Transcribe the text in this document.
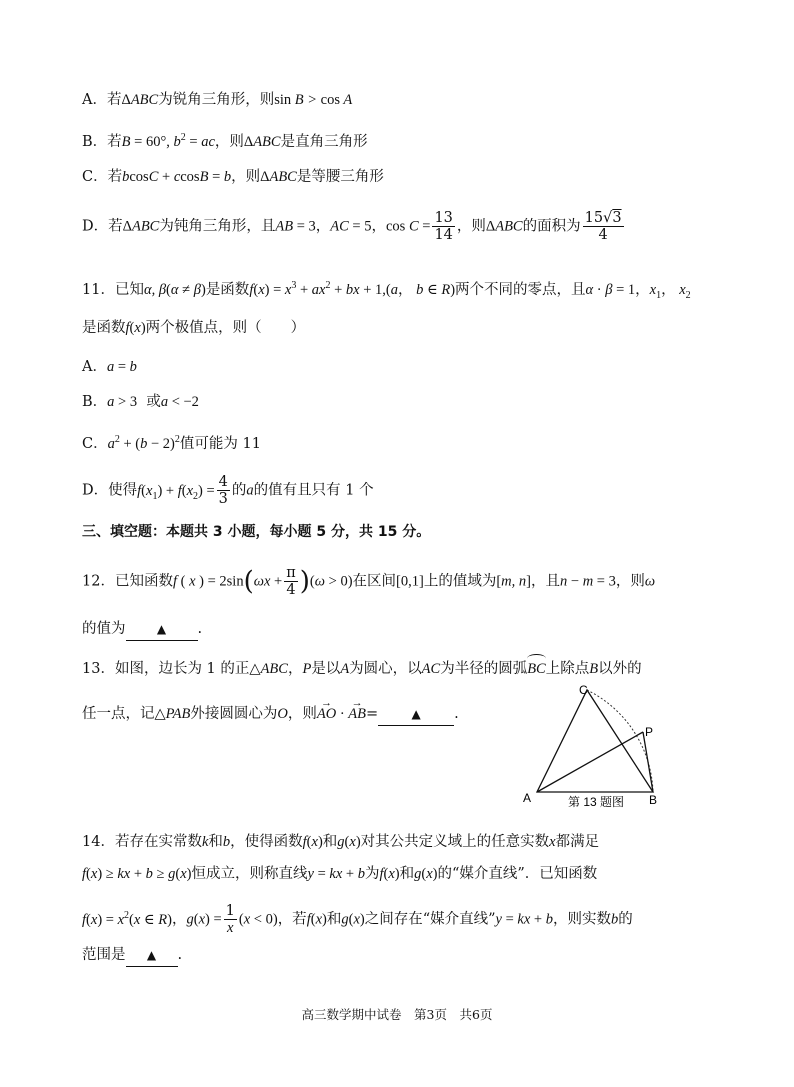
A．若ΔABC为锐角三角形，则sin B > cos A
B．若B = 60°, $b^2$ = ac，则ΔABC是直角三角形
C．若bcosC + ccosB = b，则ΔABC是等腰三角形
D．若ΔABC为钝角三角形，且AB = 3，AC = 5，$\cos C = \frac{13}{14}$ ，则ΔABC的面积为 $\frac{15√3}{4}$
11．已知α, β(α ≠ β)是函数$f(x) = x^3 + ax^2$ + bx + 1,(a， b ∈ R)两个不同的零点，且α · β = 1，$x_1$， $x_2$
是函数f(x)两个极值点，则（　　）
A．a = b
B．a > 3 或a < −2
C．$a^2 + (b - 2)^2$值可能为 11
D．使得$f(x_1) + f(x_2) = \frac{4}{3}$ 的a的值有且只有 1 个
三、填空题：本题共 3 小题，每小题 5 分，共 15 分。
12．已知函数f ( x ) = $2\sin(\omega x + \frac{\pi}{4} )(\omega > 0)$在区间[0,1]上的值域为[m, n]，且n − m = 3，则ω
的值为	▲ .
13．如图，边长为 1 的正△ABC，P是以A为圆心，以AC为半径的圆弧BC上除点B以外的
任一点，记△PAB外接圆圆心为O，则AO → · AB →=	▲ .
C
P
A	B
第 13 题图
14．若存在实常数k和b，使得函数f(x)和g(x)对其公共定义域上的任意实数x都满足
f(x) ≥ kx + b ≥ g(x)恒成立，则称直线y = kx + b为f(x)和g(x)的“媒介直线”．已知函数
$f(x) = x^2(x$ ∈ R)，$g(x) = \frac{1}{x} (x < 0)$，若f(x)和g(x)之间存在“媒介直线”y = kx + b，则实数b的
范围是 ▲ .
高三数学期中试卷　第3页　共6页
